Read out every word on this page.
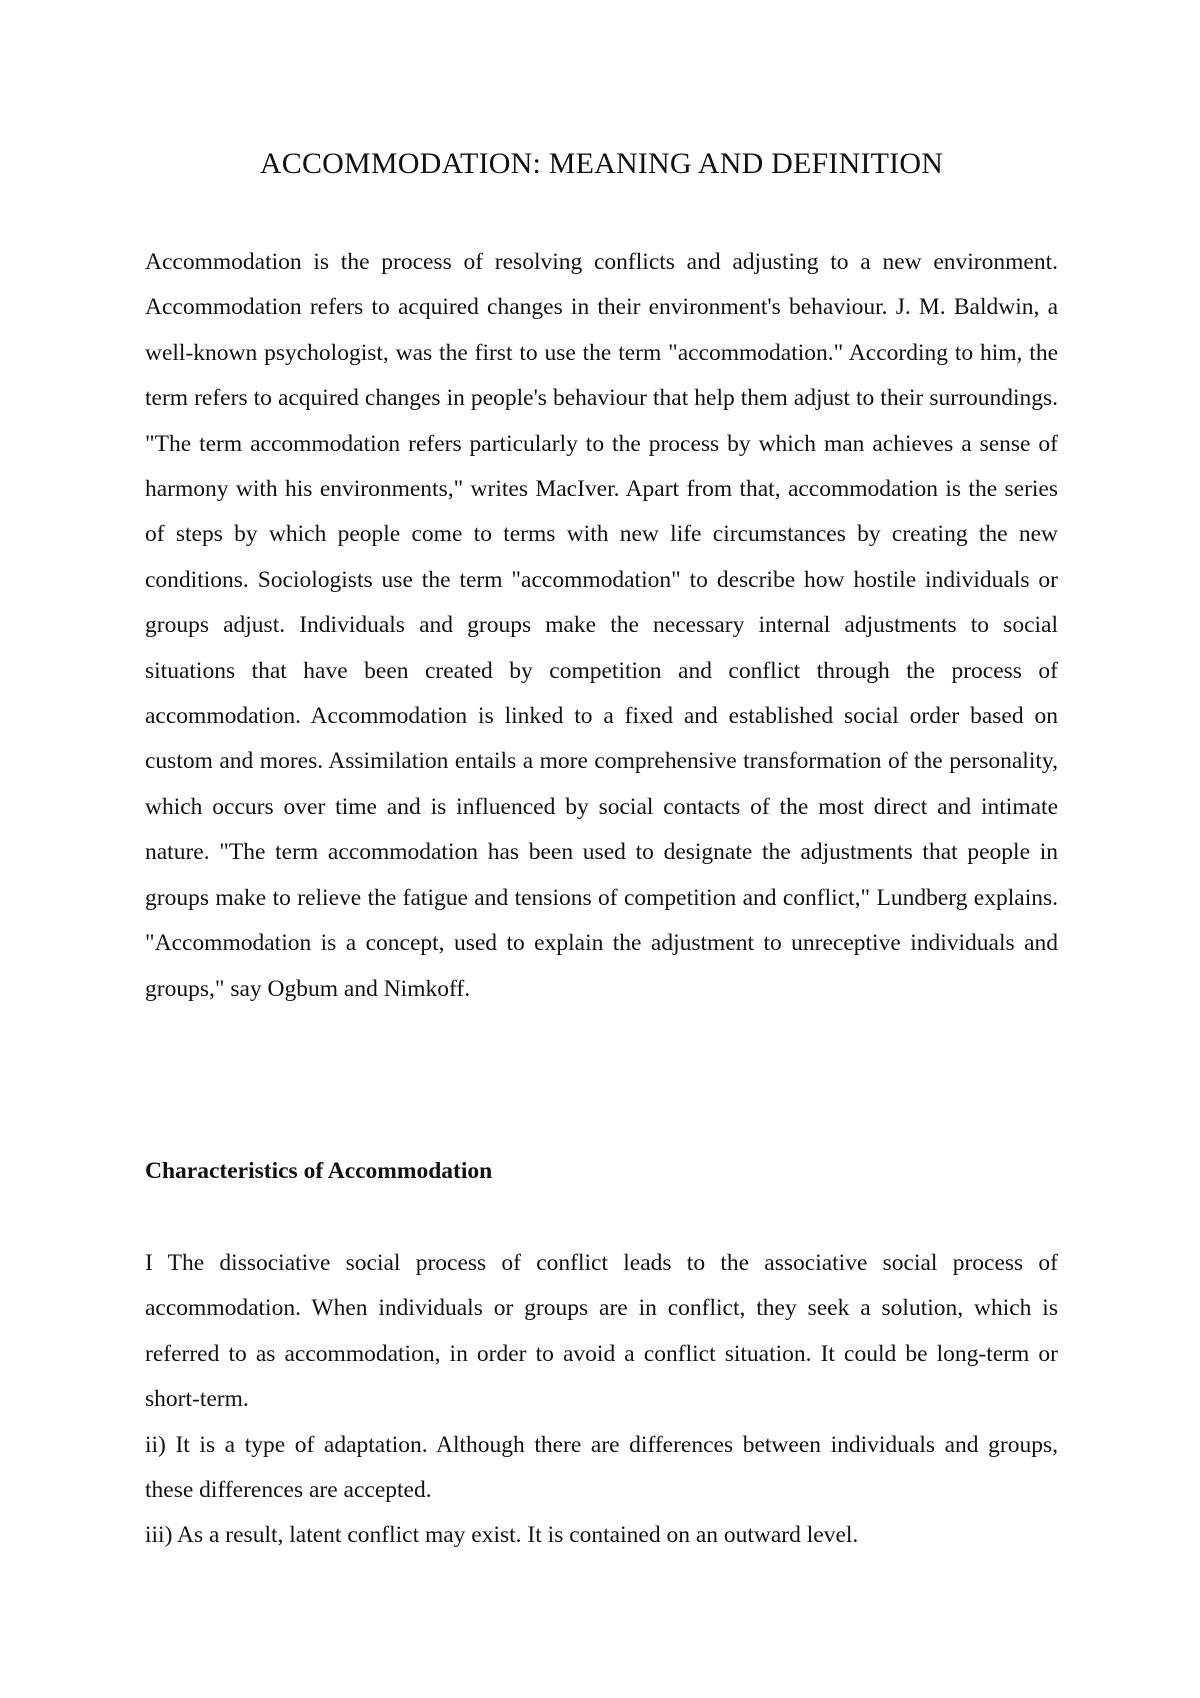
ACCOMMODATION: MEANING AND DEFINITION

Accommodation is the process of resolving conflicts and adjusting to a new environment. Accommodation refers to acquired changes in their environment's behaviour. J. M. Baldwin, a well-known psychologist, was the first to use the term "accommodation." According to him, the term refers to acquired changes in people's behaviour that help them adjust to their surroundings. "The term accommodation refers particularly to the process by which man achieves a sense of harmony with his environments," writes MacIver. Apart from that, accommodation is the series of steps by which people come to terms with new life circumstances by creating the new conditions. Sociologists use the term "accommodation" to describe how hostile individuals or groups adjust. Individuals and groups make the necessary internal adjustments to social situations that have been created by competition and conflict through the process of accommodation. Accommodation is linked to a fixed and established social order based on custom and mores. Assimilation entails a more comprehensive transformation of the personality, which occurs over time and is influenced by social contacts of the most direct and intimate nature. "The term accommodation has been used to designate the adjustments that people in groups make to relieve the fatigue and tensions of competition and conflict," Lundberg explains. "Accommodation is a concept, used to explain the adjustment to unreceptive individuals and groups," say Ogbum and Nimkoff.

Characteristics of Accommodation

I The dissociative social process of conflict leads to the associative social process of accommodation. When individuals or groups are in conflict, they seek a solution, which is referred to as accommodation, in order to avoid a conflict situation. It could be long-term or short-term.

ii) It is a type of adaptation. Although there are differences between individuals and groups, these differences are accepted.

iii) As a result, latent conflict may exist. It is contained on an outward level.
